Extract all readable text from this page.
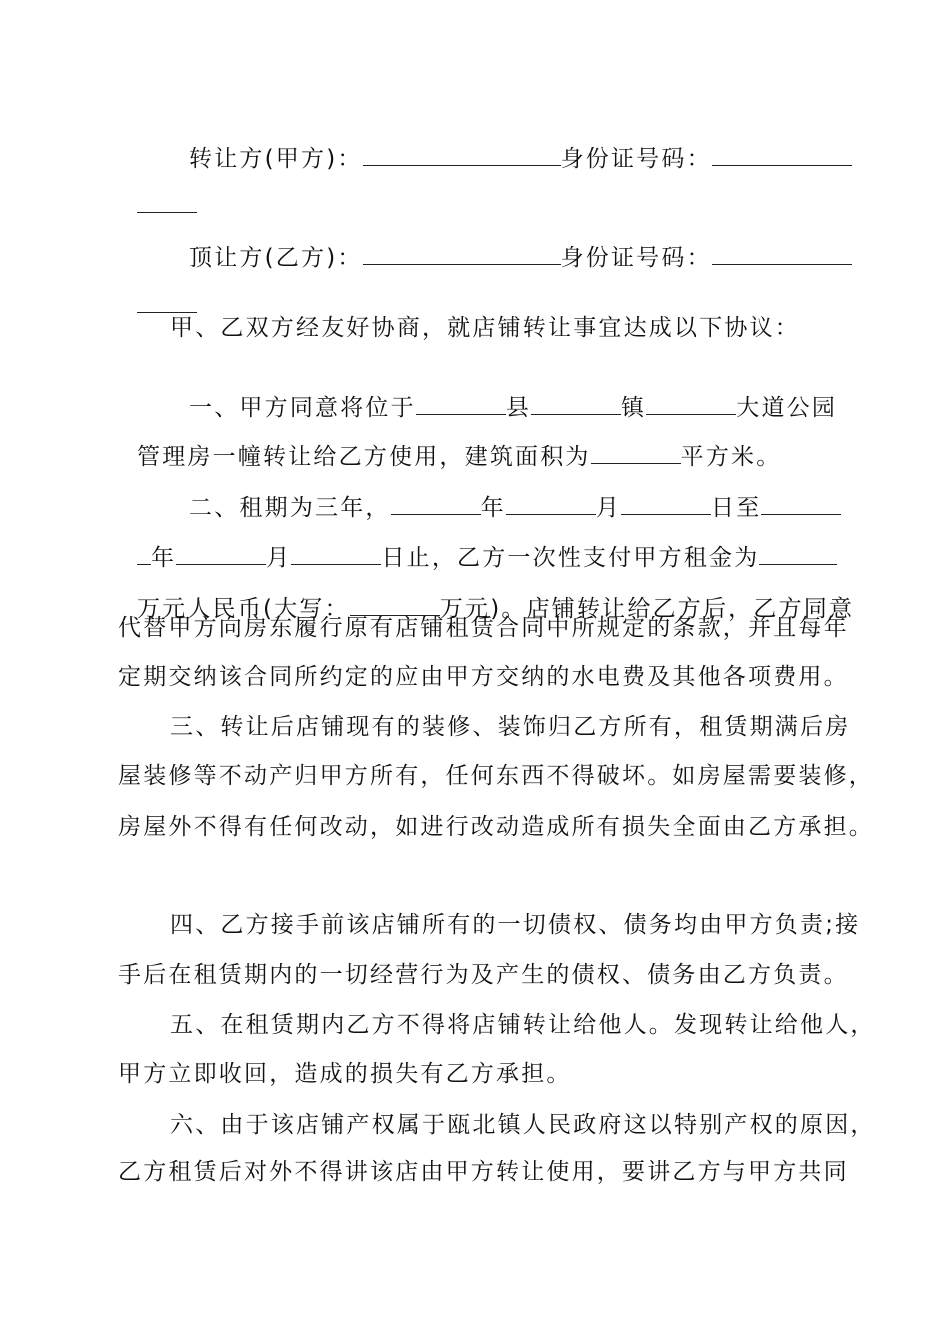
转让方(甲方)：	身份证号码：

顶让方(乙方)：	身份证号码：

甲、乙双方经友好协商，就店铺转让事宜达成以下协议：

一、甲方同意将位于	县	镇	大道公园

管理房一幢转让给乙方使用，建筑面积为	平方米。

二、租期为三年，	年	月	日至

年	月	日止，乙方一次性支付甲方租金为

万元人民币(大写：	万元)。店铺转让给乙方后，乙方同意

代替甲方向房东履行原有店铺租赁合同中所规定的条款，并且每年
定期交纳该合同所约定的应由甲方交纳的水电费及其他各项费用。
三、转让后店铺现有的装修、装饰归乙方所有，租赁期满后房
屋装修等不动产归甲方所有，任何东西不得破坏。如房屋需要装修，
房屋外不得有任何改动，如进行改动造成所有损失全面由乙方承担。
四、乙方接手前该店铺所有的一切债权、债务均由甲方负责;接
手后在租赁期内的一切经营行为及产生的债权、债务由乙方负责。
五、在租赁期内乙方不得将店铺转让给他人。发现转让给他人，
甲方立即收回，造成的损失有乙方承担。
六、由于该店铺产权属于瓯北镇人民政府这以特别产权的原因，
乙方租赁后对外不得讲该店由甲方转让使用，要讲乙方与甲方共同
